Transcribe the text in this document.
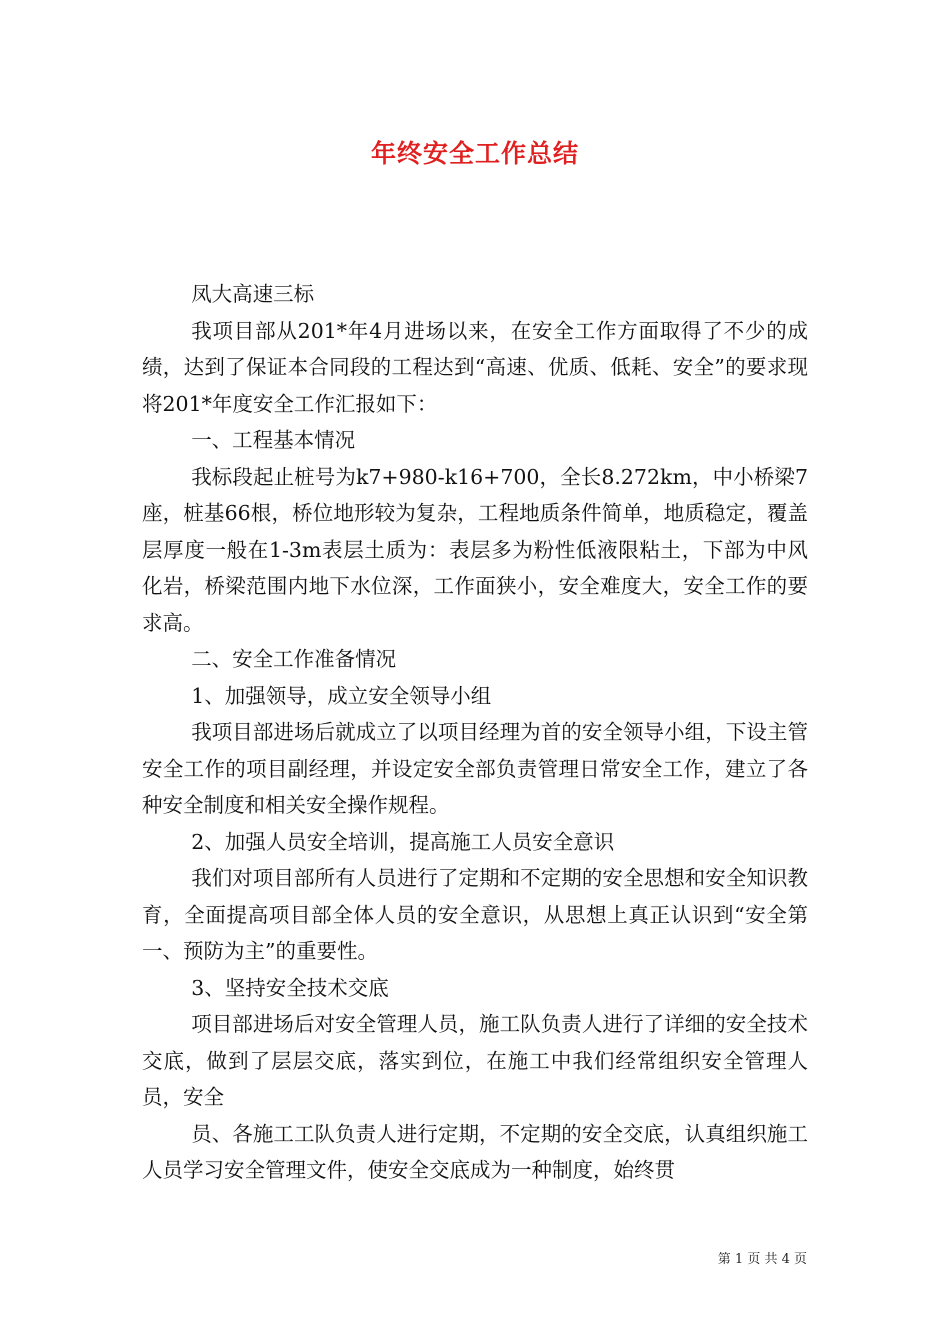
年终安全工作总结

凤大高速三标

我项目部从201*年4月进场以来，在安全工作方面取得了不少的成绩，达到了保证本合同段的工程达到“高速、优质、低耗、安全”的要求现将201*年度安全工作汇报如下：

一、工程基本情况

我标段起止桩号为k7+980-k16+700，全长8.272km，中小桥梁7座，桩基66根，桥位地形较为复杂，工程地质条件简单，地质稳定，覆盖层厚度一般在1-3m表层土质为：表层多为粉性低液限粘土，下部为中风化岩，桥梁范围内地下水位深，工作面狭小，安全难度大，安全工作的要求高。

二、安全工作准备情况

1、加强领导，成立安全领导小组

我项目部进场后就成立了以项目经理为首的安全领导小组，下设主管安全工作的项目副经理，并设定安全部负责管理日常安全工作，建立了各种安全制度和相关安全操作规程。

2、加强人员安全培训，提高施工人员安全意识

我们对项目部所有人员进行了定期和不定期的安全思想和安全知识教育，全面提高项目部全体人员的安全意识，从思想上真正认识到“安全第一、预防为主”的重要性。

3、坚持安全技术交底

项目部进场后对安全管理人员，施工队负责人进行了详细的安全技术交底，做到了层层交底，落实到位，在施工中我们经常组织安全管理人员，安全

员、各施工工队负责人进行定期，不定期的安全交底，认真组织施工人员学习安全管理文件，使安全交底成为一种制度，始终贯

第 1 页 共 4 页
